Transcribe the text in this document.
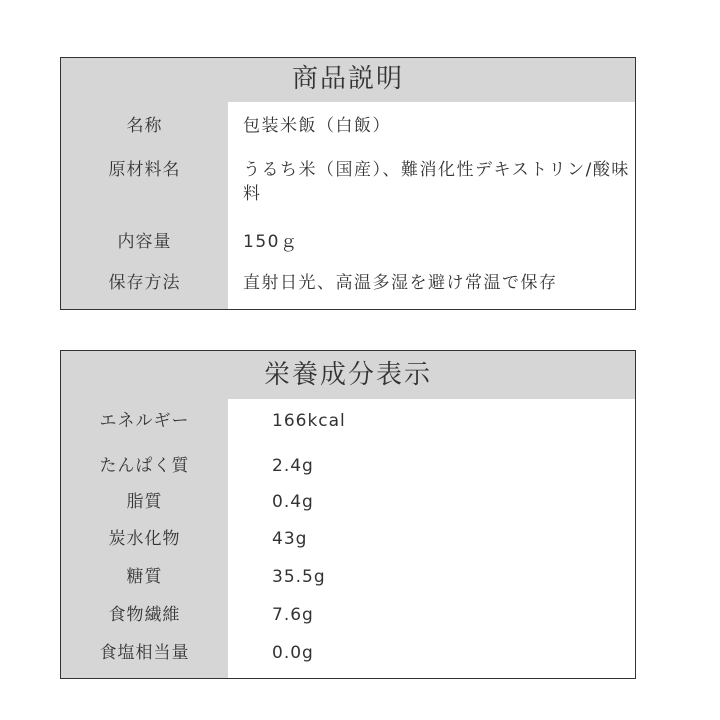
商品説明
名称	包装米飯（白飯）
原材料名	うるち米（国産）、難消化性デキストリン/酸味料
内容量	150ｇ
保存方法	直射日光、高温多湿を避け常温で保存
栄養成分表示
エネルギー	166kcal
たんぱく質	2.4g
脂質	0.4g
炭水化物	43g
糖質	35.5g
食物繊維	7.6g
食塩相当量	0.0g
